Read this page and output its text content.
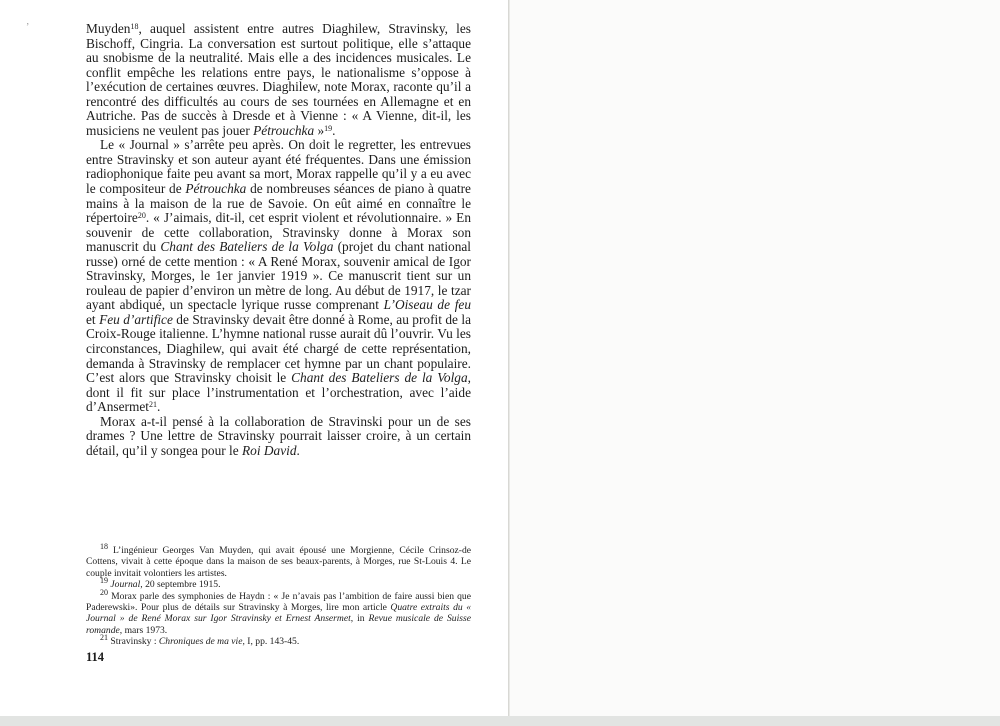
ʼ	Muyden$^{18}$, auquel assistent entre autres Diaghilew, Stravinsky, les Bischoff, Cingria. La conversation est surtout politique, elle s’attaque au snobisme de la neutralité. Mais elle a des incidences musicales. Le conflit empêche les relations entre pays, le nationalisme s’oppose à l’exécution de certaines œuvres. Diaghilew, note Morax, raconte qu’il a rencontré des difficultés au cours de ses tournées en Allemagne et en Autriche. Pas de succès à Dresde et à Vienne : « A Vienne, dit-il, les musiciens ne veulent pas jouer Pétrouchka »$^{19}$.

Le « Journal » s’arrête peu après. On doit le regretter, les entrevues entre Stravinsky et son auteur ayant été fréquentes. Dans une émission radiophonique faite peu avant sa mort, Morax rappelle qu’il y a eu avec le compositeur de Pétrouchka de nombreuses séances de piano à quatre mains à la maison de la rue de Savoie. On eût aimé en connaître le répertoire$^{20}$. « J’aimais, dit-il, cet esprit violent et révolutionnaire. » En souvenir de cette collaboration, Stravinsky donne à Morax son manuscrit du Chant des Bateliers de la Volga (projet du chant national russe) orné de cette mention : « A René Morax, souvenir amical de Igor Stravinsky, Morges, le 1er janvier 1919 ». Ce manuscrit tient sur un rouleau de papier d’environ un mètre de long. Au début de 1917, le tzar ayant abdiqué, un spectacle lyrique russe comprenant L’Oiseau de feu et Feu d’artifice de Stravinsky devait être donné à Rome, au profit de la Croix-Rouge italienne. L’hymne national russe aurait dû l’ouvrir. Vu les circonstances, Diaghilew, qui avait été chargé de cette représentation, demanda à Stravinsky de remplacer cet hymne par un chant populaire. C’est alors que Stravinsky choisit le Chant des Bateliers de la Volga, dont il fit sur place l’instrumentation et l’orchestration, avec l’aide d’Ansermet$^{21}$.

Morax a-t-il pensé à la collaboration de Stravinski pour un de ses drames ? Une lettre de Stravinsky pourrait laisser croire, à un certain détail, qu’il y songea pour le Roi David.

$^{18}$ L’ingénieur Georges Van Muyden, qui avait épousé une Morgienne, Cécile Crinsoz-de Cottens, vivait à cette époque dans la maison de ses beaux-parents, à Morges, rue St-Louis 4. Le couple invitait volontiers les artistes.

$^{19}$ Journal, 20 septembre 1915.

$^{20}$ Morax parle des symphonies de Haydn : « Je n’avais pas l’ambition de faire aussi bien que Paderewski». Pour plus de détails sur Stravinsky à Morges, lire mon article Quatre extraits du « Journal » de René Morax sur Igor Stravinsky et Ernest Ansermet, in Revue musicale de Suisse romande, mars 1973.

$^{21}$ Stravinsky : Chroniques de ma vie, I, pp. 143-45.

114
